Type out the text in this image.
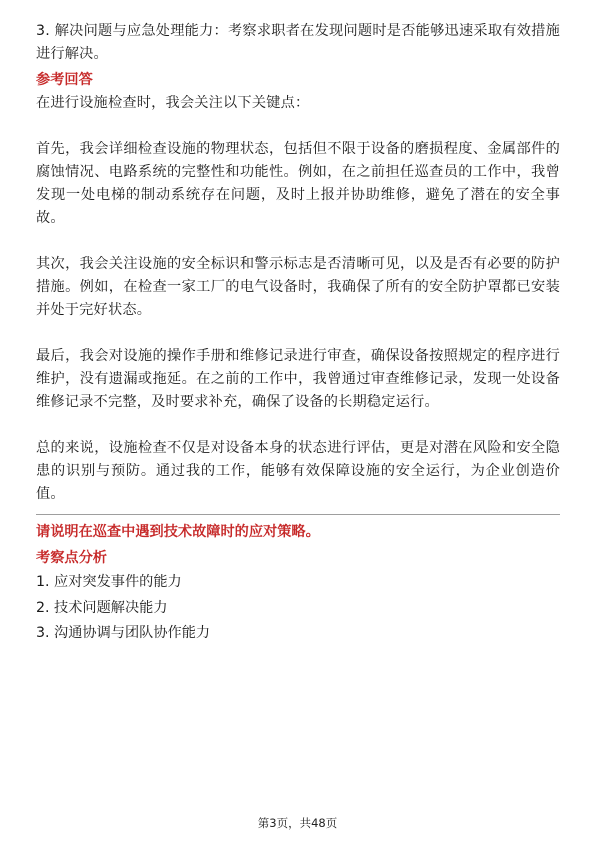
3. 解决问题与应急处理能力：考察求职者在发现问题时是否能够迅速采取有效措施进行解决。

参考回答

在进行设施检查时，我会关注以下关键点：

首先，我会详细检查设施的物理状态，包括但不限于设备的磨损程度、金属部件的腐蚀情况、电路系统的完整性和功能性。例如，在之前担任巡查员的工作中，我曾发现一处电梯的制动系统存在问题，及时上报并协助维修，避免了潜在的安全事故。

其次，我会关注设施的安全标识和警示标志是否清晰可见，以及是否有必要的防护措施。例如，在检查一家工厂的电气设备时，我确保了所有的安全防护罩都已安装并处于完好状态。

最后，我会对设施的操作手册和维修记录进行审查，确保设备按照规定的程序进行维护，没有遗漏或拖延。在之前的工作中，我曾通过审查维修记录，发现一处设备维修记录不完整，及时要求补充，确保了设备的长期稳定运行。

总的来说，设施检查不仅是对设备本身的状态进行评估，更是对潜在风险和安全隐患的识别与预防。通过我的工作，能够有效保障设施的安全运行，为企业创造价值。

请说明在巡查中遇到技术故障时的应对策略。

考察点分析

1. 应对突发事件的能力

2. 技术问题解决能力

3. 沟通协调与团队协作能力

第3页，共48页
